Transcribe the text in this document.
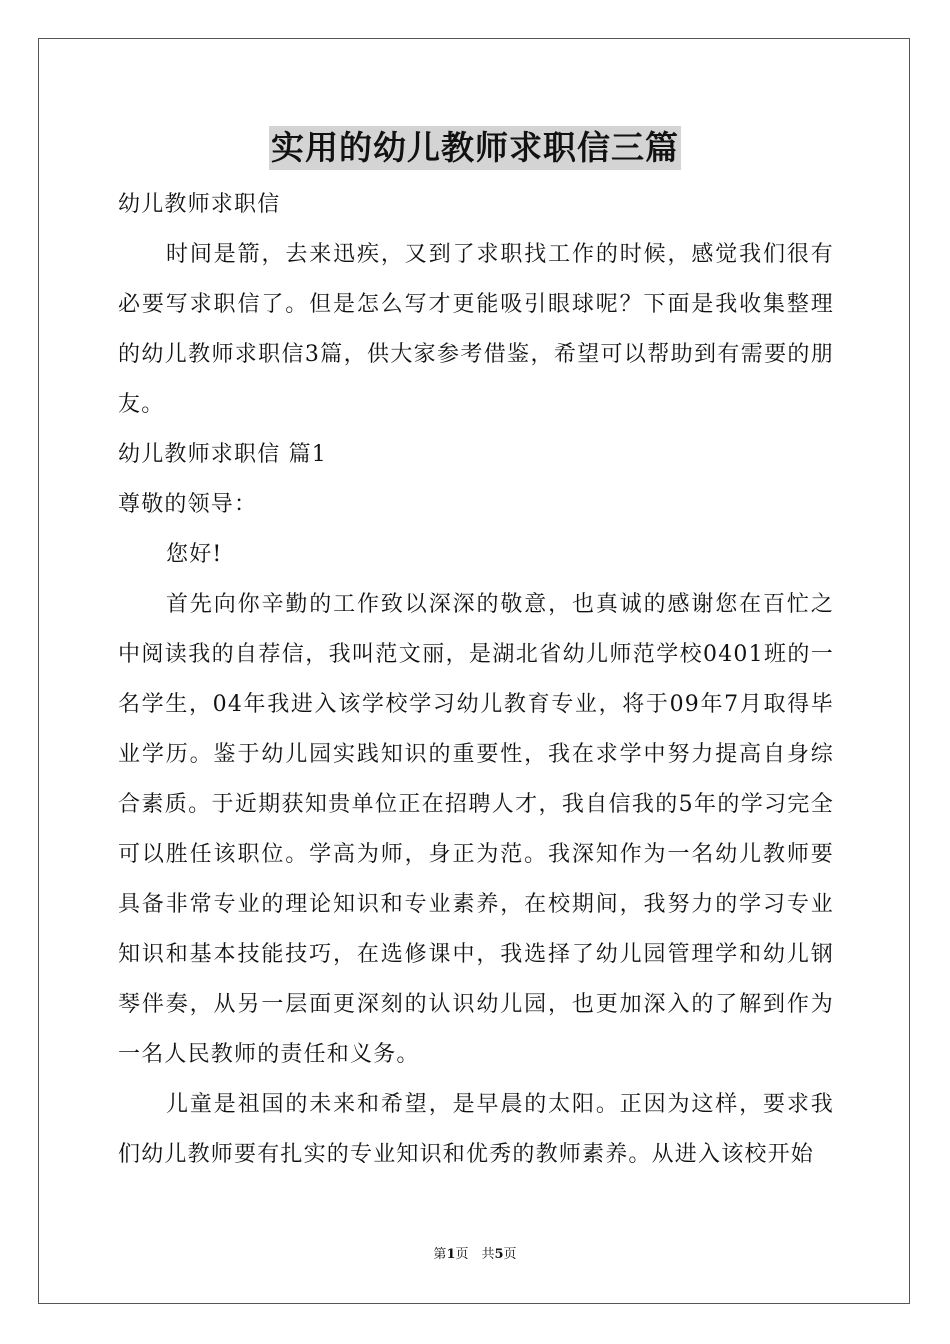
实用的幼儿教师求职信三篇
幼儿教师求职信

时间是箭，去来迅疾，又到了求职找工作的时候，感觉我们很有必要写求职信了。但是怎么写才更能吸引眼球呢？下面是我收集整理的幼儿教师求职信3篇，供大家参考借鉴，希望可以帮助到有需要的朋友。

幼儿教师求职信 篇1
尊敬的领导：

您好!

首先向你辛勤的工作致以深深的敬意，也真诚的感谢您在百忙之中阅读我的自荐信，我叫范文丽，是湖北省幼儿师范学校0401班的一名学生，04年我进入该学校学习幼儿教育专业，将于09年7月取得毕业学历。鉴于幼儿园实践知识的重要性，我在求学中努力提高自身综合素质。于近期获知贵单位正在招聘人才，我自信我的5年的学习完全可以胜任该职位。学高为师，身正为范。我深知作为一名幼儿教师要具备非常专业的理论知识和专业素养，在校期间，我努力的学习专业知识和基本技能技巧，在选修课中，我选择了幼儿园管理学和幼儿钢琴伴奏，从另一层面更深刻的认识幼儿园，也更加深入的了解到作为一名人民教师的责任和义务。

儿童是祖国的未来和希望，是早晨的太阳。正因为这样，要求我们幼儿教师要有扎实的专业知识和优秀的教师素养。从进入该校开始

第1页　共5页
